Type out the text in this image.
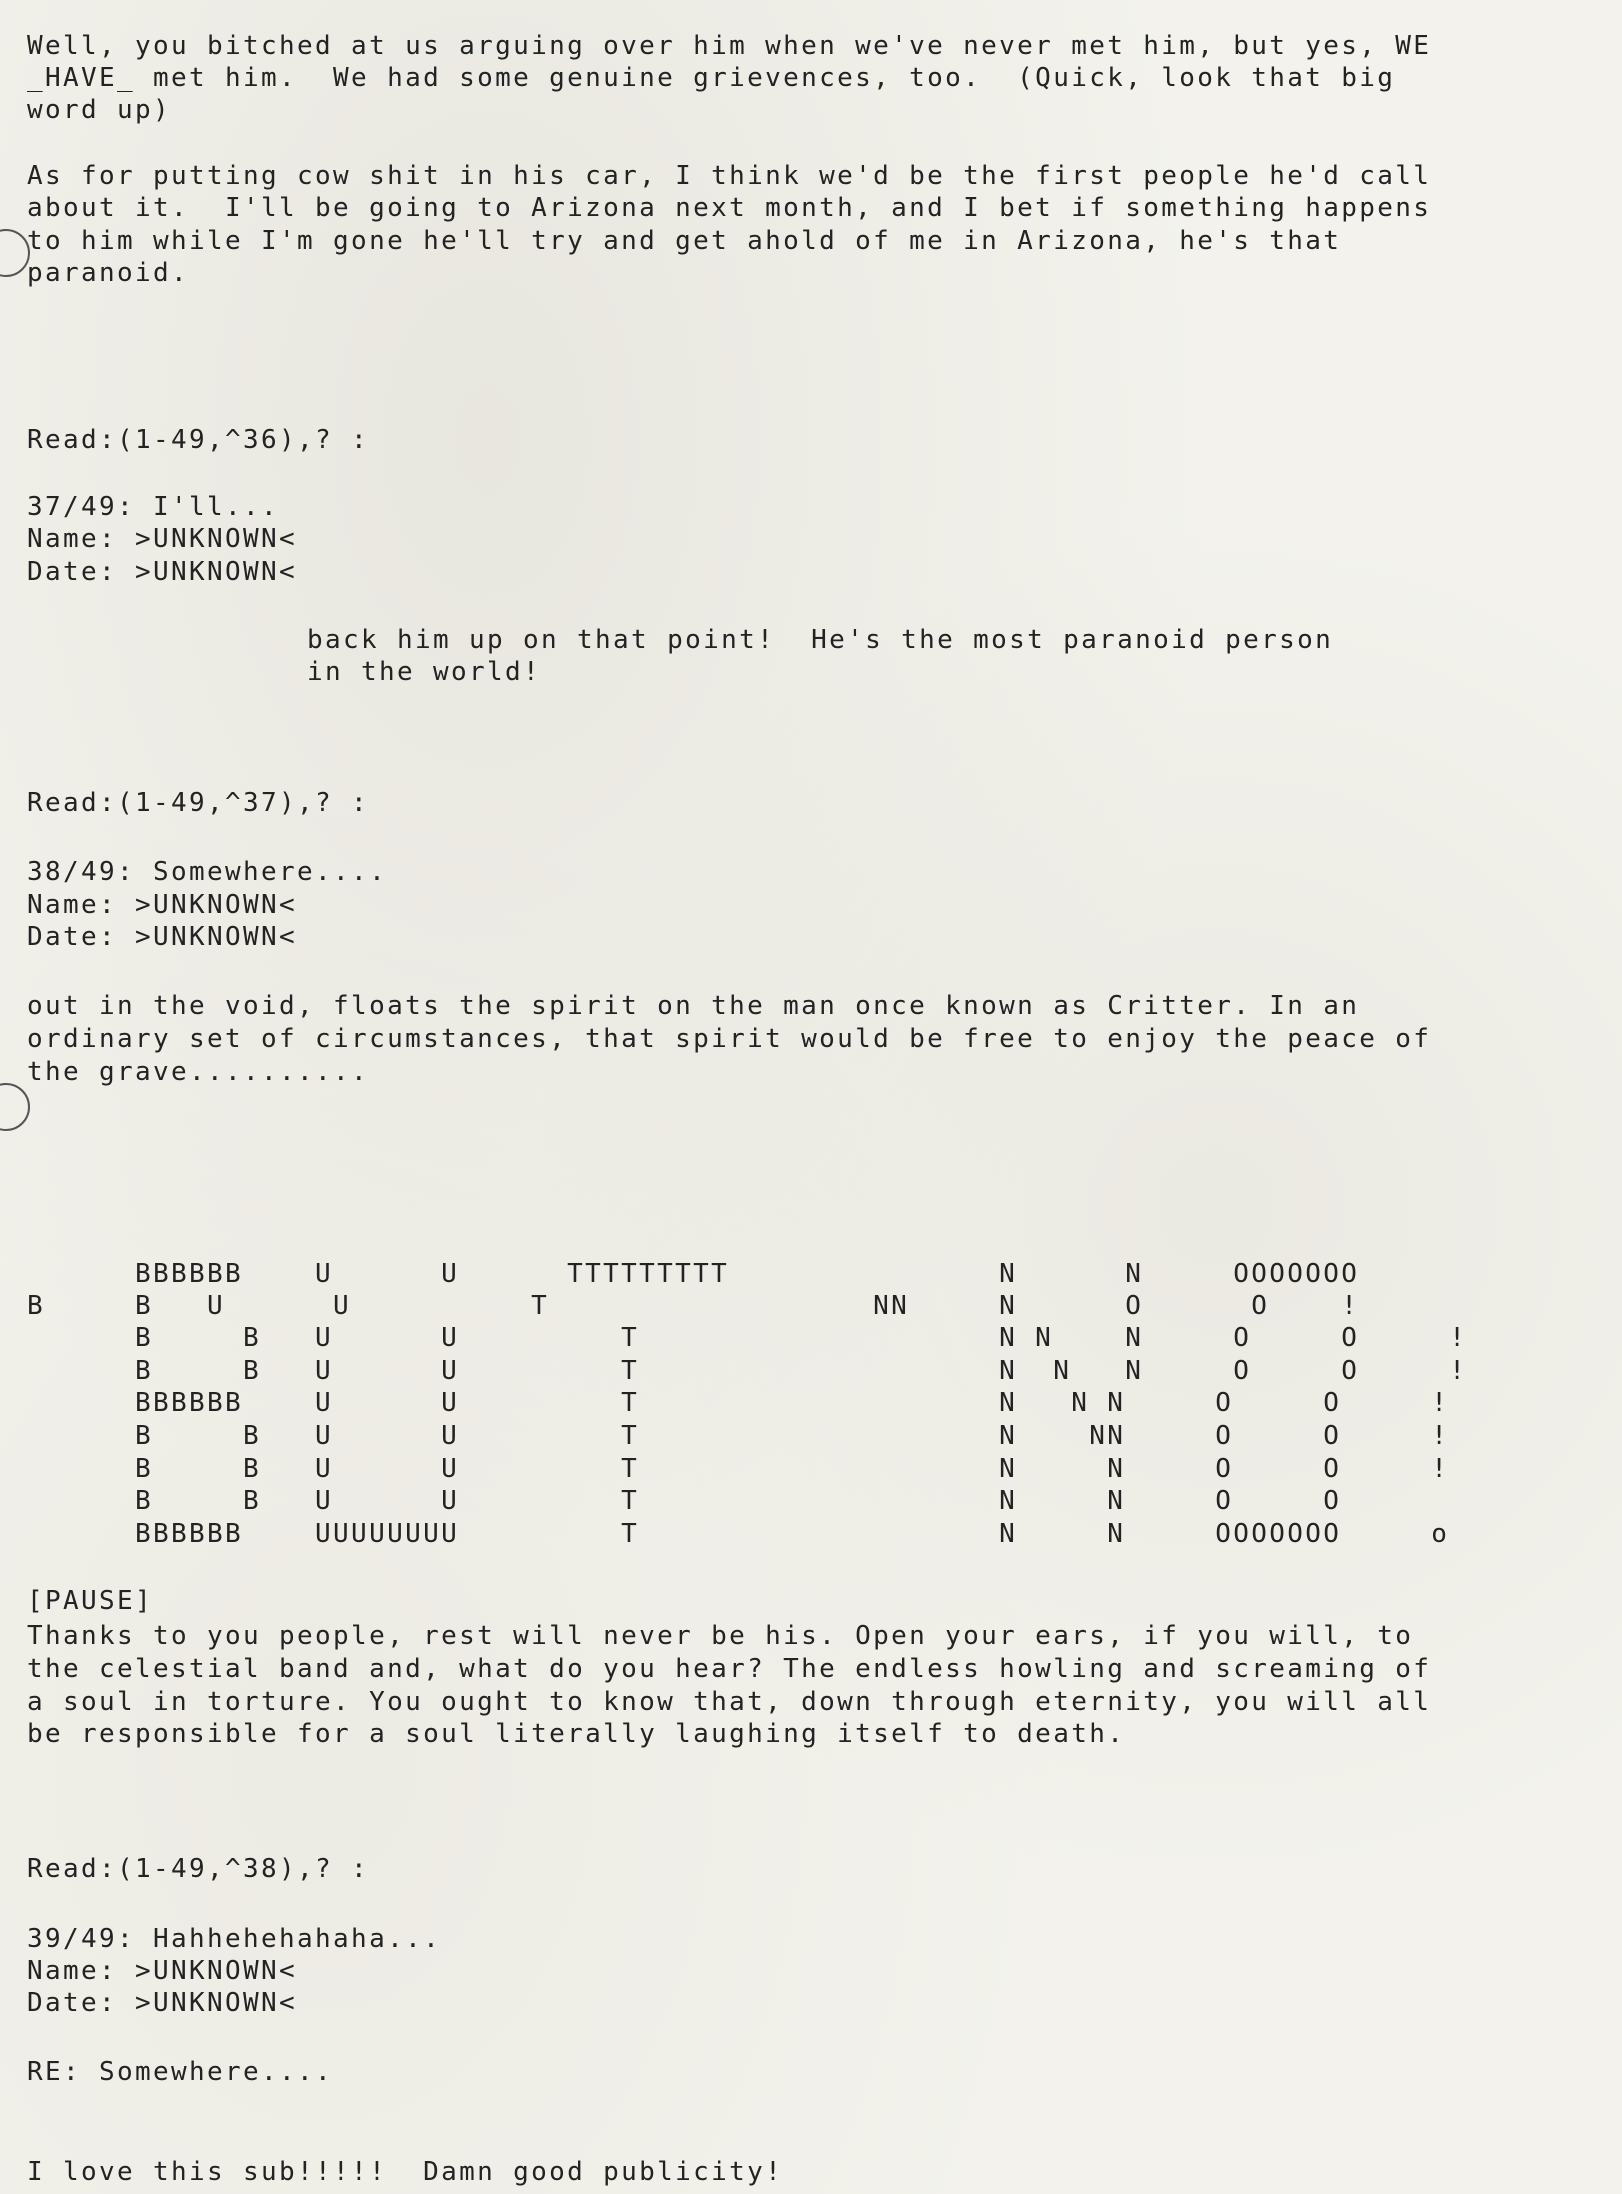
Well, you bitched at us arguing over him when we've never met him, but yes, WE
_HAVE_ met him.  We had some genuine grievences, too.  (Quick, look that big
word up)
As for putting cow shit in his car, I think we'd be the first people he'd call
about it.  I'll be going to Arizona next month, and I bet if something happens
to him while I'm gone he'll try and get ahold of me in Arizona, he's that
paranoid.
Read:(1-49,^36),? :
37/49: I'll...
Name: >UNKNOWN<
Date: >UNKNOWN<
back him up on that point!  He's the most paranoid person
in the world!
Read:(1-49,^37),? :
38/49: Somewhere....
Name: >UNKNOWN<
Date: >UNKNOWN<
out in the void, floats the spirit on the man once known as Critter. In an
ordinary set of circumstances, that spirit would be free to enjoy the peace of
the grave..........
BBBBBB    U      U      TTTTTTTTT               N      N     OOOOOOO
B     B   U      U          T                  NN     N      O      O    !
B     B   U      U         T                    N N    N     O     O     !
B     B   U      U         T                    N  N   N     O     O     !
BBBBBB    U      U         T                    N   N N     O     O     !
B     B   U      U         T                    N    NN     O     O     !
B     B   U      U         T                    N     N     O     O     !
B     B   U      U         T                    N     N     O     O
BBBBBB    UUUUUUUU         T                    N     N     OOOOOOO     o
[PAUSE]
Thanks to you people, rest will never be his. Open your ears, if you will, to
the celestial band and, what do you hear? The endless howling and screaming of
a soul in torture. You ought to know that, down through eternity, you will all
be responsible for a soul literally laughing itself to death.
Read:(1-49,^38),? :
39/49: Hahhehehahaha...
Name: >UNKNOWN<
Date: >UNKNOWN<
RE: Somewhere....
I love this sub!!!!!  Damn good publicity!
